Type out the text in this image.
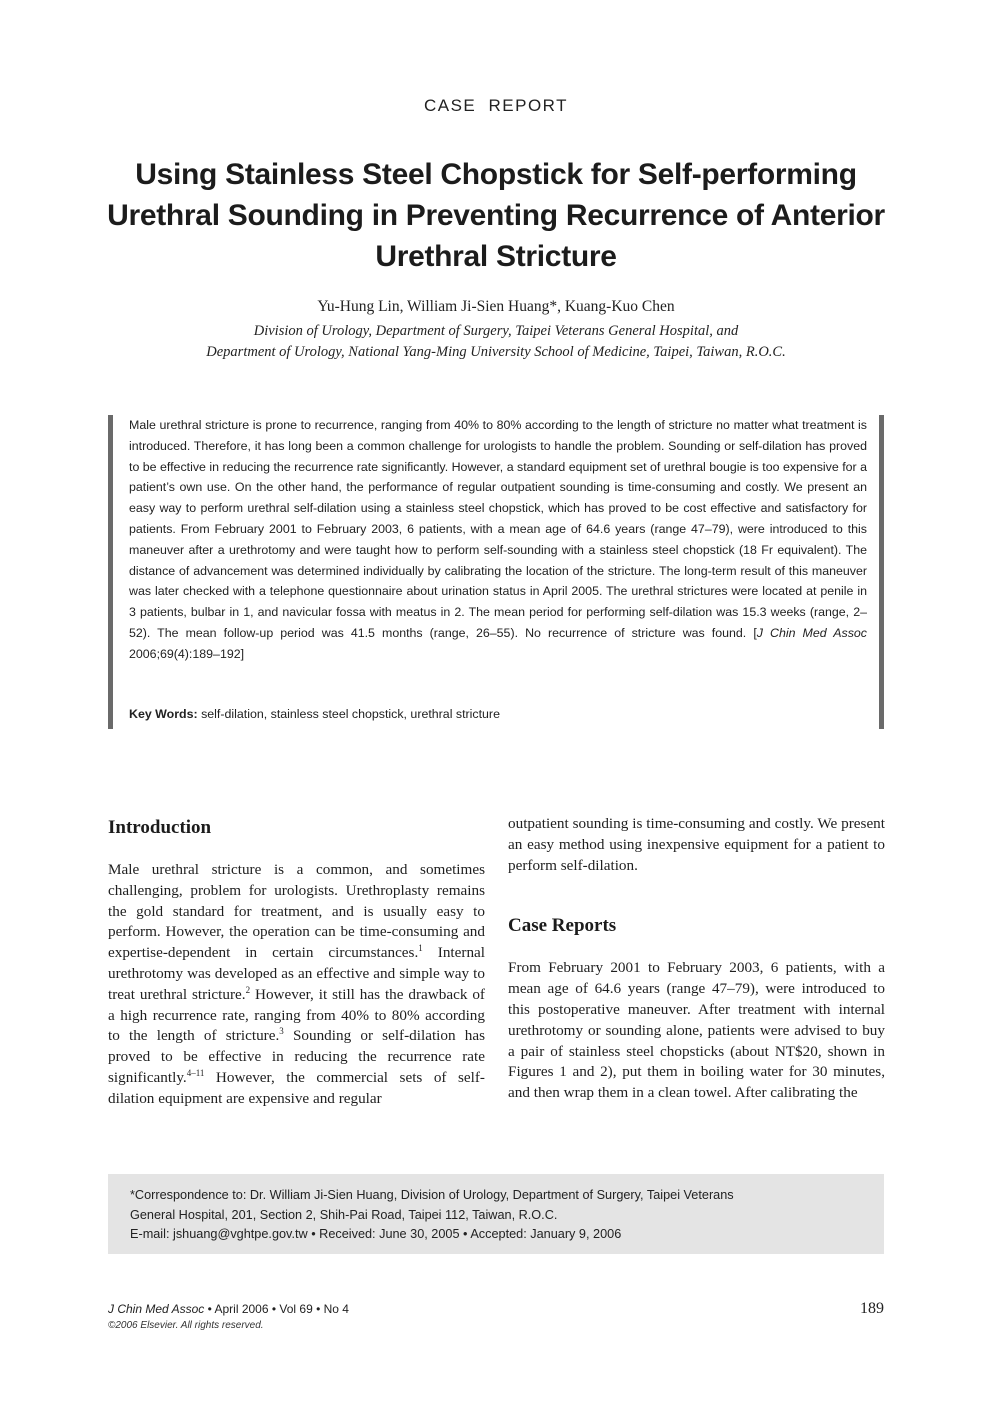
CASE REPORT
Using Stainless Steel Chopstick for Self-performing Urethral Sounding in Preventing Recurrence of Anterior Urethral Stricture
Yu-Hung Lin, William Ji-Sien Huang*, Kuang-Kuo Chen
Division of Urology, Department of Surgery, Taipei Veterans General Hospital, and
Department of Urology, National Yang-Ming University School of Medicine, Taipei, Taiwan, R.O.C.

Male urethral stricture is prone to recurrence, ranging from 40% to 80% according to the length of stricture no matter what treatment is introduced. Therefore, it has long been a common challenge for urologists to handle the problem. Sounding or self-dilation has proved to be effective in reducing the recurrence rate significantly. However, a standard equipment set of urethral bougie is too expensive for a patient’s own use. On the other hand, the performance of regular outpatient sounding is time-consuming and costly. We present an easy way to perform urethral self-dilation using a stainless steel chopstick, which has proved to be cost effective and satisfactory for patients. From February 2001 to February 2003, 6 patients, with a mean age of 64.6 years (range 47–79), were introduced to this maneuver after a urethrotomy and were taught how to perform self-sounding with a stainless steel chopstick (18 Fr equivalent). The distance of advancement was determined individually by calibrating the location of the stricture. The long-term result of this maneuver was later checked with a telephone questionnaire about urination status in April 2005. The urethral strictures were located at penile in 3 patients, bulbar in 1, and navicular fossa with meatus in 2. The mean period for performing self-dilation was 15.3 weeks (range, 2–52). The mean follow-up period was 41.5 months (range, 26–55). No recurrence of stricture was found. [J Chin Med Assoc 2006;69(4):189–192]

Key Words: self-dilation, stainless steel chopstick, urethral stricture
Introduction

Male urethral stricture is a common, and sometimes challenging, problem for urologists. Urethroplasty remains the gold standard for treatment, and is usually easy to perform. However, the operation can be time-consuming and expertise-dependent in certain circumstances.$^1$ Internal urethrotomy was developed as an effective and simple way to treat urethral stricture.$^2$ However, it still has the drawback of a high recurrence rate, ranging from 40% to 80% according to the length of stricture.$^3$ Sounding or self-dilation has proved to be effective in reducing the recurrence rate significantly.$^{4-11}$ However, the commercial sets of self-dilation equipment are expensive and regular

outpatient sounding is time-consuming and costly. We present an easy method using inexpensive equipment for a patient to perform self-dilation.

Case Reports

From February 2001 to February 2003, 6 patients, with a mean age of 64.6 years (range 47–79), were introduced to this postoperative maneuver. After treatment with internal urethrotomy or sounding alone, patients were advised to buy a pair of stainless steel chopsticks (about NT$20, shown in Figures 1 and 2), put them in boiling water for 30 minutes, and then wrap them in a clean towel. After calibrating the

*Correspondence to: Dr. William Ji-Sien Huang, Division of Urology, Department of Surgery, Taipei Veterans
General Hospital, 201, Section 2, Shih-Pai Road, Taipei 112, Taiwan, R.O.C.
E-mail: jshuang@vghtpe.gov.tw • Received: June 30, 2005 • Accepted: January 9, 2006
J Chin Med Assoc • April 2006 • Vol 69 • No 4
©2006 Elsevier. All rights reserved.
189
